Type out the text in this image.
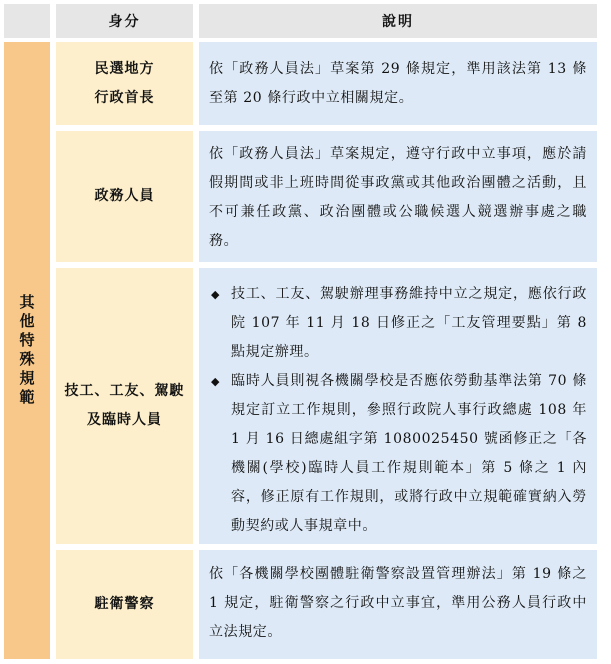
身分	說明
其他特殊規範
民選地方
行政首長

依「政務人員法」草案第 29 條規定，準用該法第 13 條至第 20 條行政中立相關規定。

政務人員

依「政務人員法」草案規定，遵守行政中立事項，應於請假期間或非上班時間從事政黨或其他政治團體之活動，且不可兼任政黨、政治團體或公職候選人競選辦事處之職務。

技工、工友、駕駛
及臨時人員
◆ 技工、工友、駕駛辦理事務維持中立之規定，應依行政院 107 年 11 月 18 日修正之「工友管理要點」第 8 點規定辦理。
◆ 臨時人員則視各機關學校是否應依勞動基準法第 70 條規定訂立工作規則，參照行政院人事行政總處 108 年 1 月 16 日總處組字第 1080025450 號函修正之「各機關(學校)臨時人員工作規則範本」第 5 條之 1 內容，修正原有工作規則，或將行政中立規範確實納入勞動契約或人事規章中。
駐衛警察

依「各機關學校團體駐衛警察設置管理辦法」第 19 條之 1 規定，駐衛警察之行政中立事宜，準用公務人員行政中立法規定。
